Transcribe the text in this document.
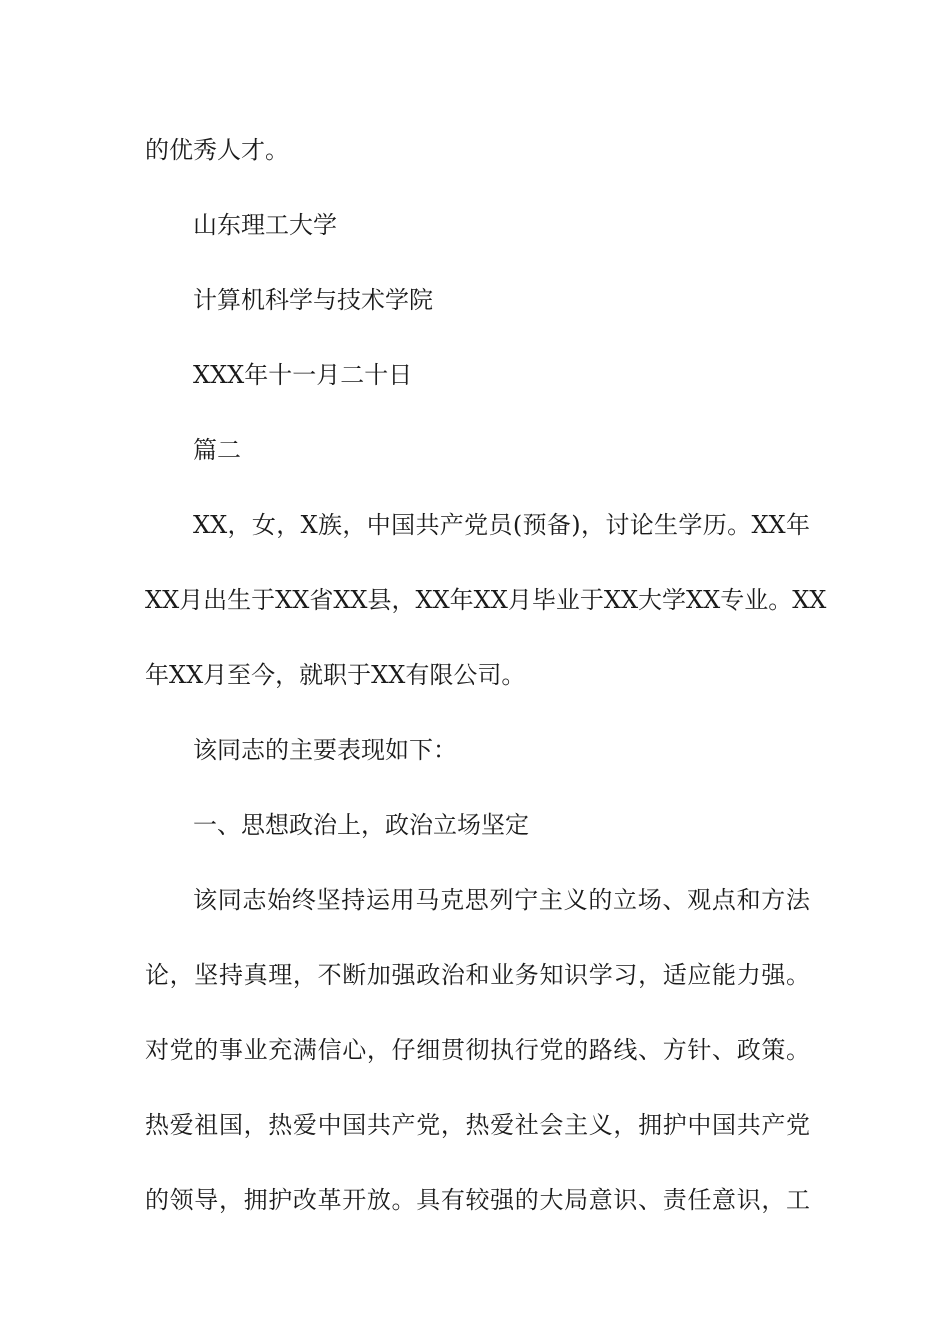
的优秀人才。
山东理工大学
计算机科学与技术学院
XXX年十一月二十日
篇二
XX，女，X族，中国共产党员(预备)，讨论生学历。XX年
XX月出生于XX省XX县，XX年XX月毕业于XX大学XX专业。XX
年XX月至今，就职于XX有限公司。
该同志的主要表现如下：
一、思想政治上，政治立场坚定
该同志始终坚持运用马克思列宁主义的立场、观点和方法
论，坚持真理，不断加强政治和业务知识学习，适应能力强。
对党的事业充满信心，仔细贯彻执行党的路线、方针、政策。
热爱祖国，热爱中国共产党，热爱社会主义，拥护中国共产党
的领导，拥护改革开放。具有较强的大局意识、责任意识，工
